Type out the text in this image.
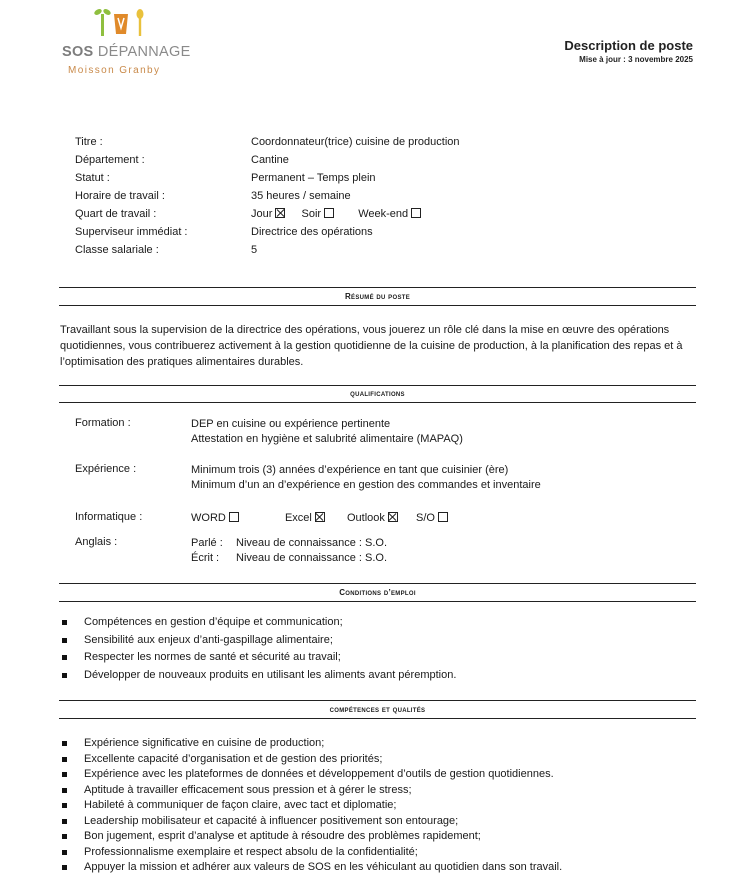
SOS DÉPANNAGE
Moisson Granby
Description de poste
Mise à jour : 3 novembre 2025
Titre :	Coordonnateur(trice) cuisine de production
Département :	Cantine
Statut :	Permanent – Temps plein
Horaire de travail :	35 heures / semaine
Quart de travail :	Jour	Soir	Week-end
Superviseur immédiat :	Directrice des opérations
Classe salariale :	5
Résumé du poste
Travaillant sous la supervision de la directrice des opérations, vous jouerez un rôle clé dans la mise en œuvre des opérations quotidiennes, vous contribuerez activement à la gestion quotidienne de la cuisine de production, à la planification des repas et à l’optimisation des pratiques alimentaires durables.
qualifications
Formation :	DEP en cuisine ou expérience pertinente
Attestation en hygiène et salubrité alimentaire (MAPAQ)
Expérience :	Minimum trois (3) années d’expérience en tant que cuisinier (ère)
Minimum d’un an d’expérience en gestion des commandes et inventaire
Informatique :	WORD	Excel	Outlook	S/O
Anglais :	Parlé : Niveau de connaissance : S.O.
Écrit : Niveau de connaissance : S.O.
Conditions d’emploi
Compétences en gestion d’équipe et communication;
Sensibilité aux enjeux d’anti-gaspillage alimentaire;
Respecter les normes de santé et sécurité au travail;
Développer de nouveaux produits en utilisant les aliments avant péremption.
compétences et qualités
Expérience significative en cuisine de production;
Excellente capacité d’organisation et de gestion des priorités;
Expérience avec les plateformes de données et développement d’outils de gestion quotidiennes.
Aptitude à travailler efficacement sous pression et à gérer le stress;
Habileté à communiquer de façon claire, avec tact et diplomatie;
Leadership mobilisateur et capacité à influencer positivement son entourage;
Bon jugement, esprit d’analyse et aptitude à résoudre des problèmes rapidement;
Professionnalisme exemplaire et respect absolu de la confidentialité;
Appuyer la mission et adhérer aux valeurs de SOS en les véhiculant au quotidien dans son travail.
